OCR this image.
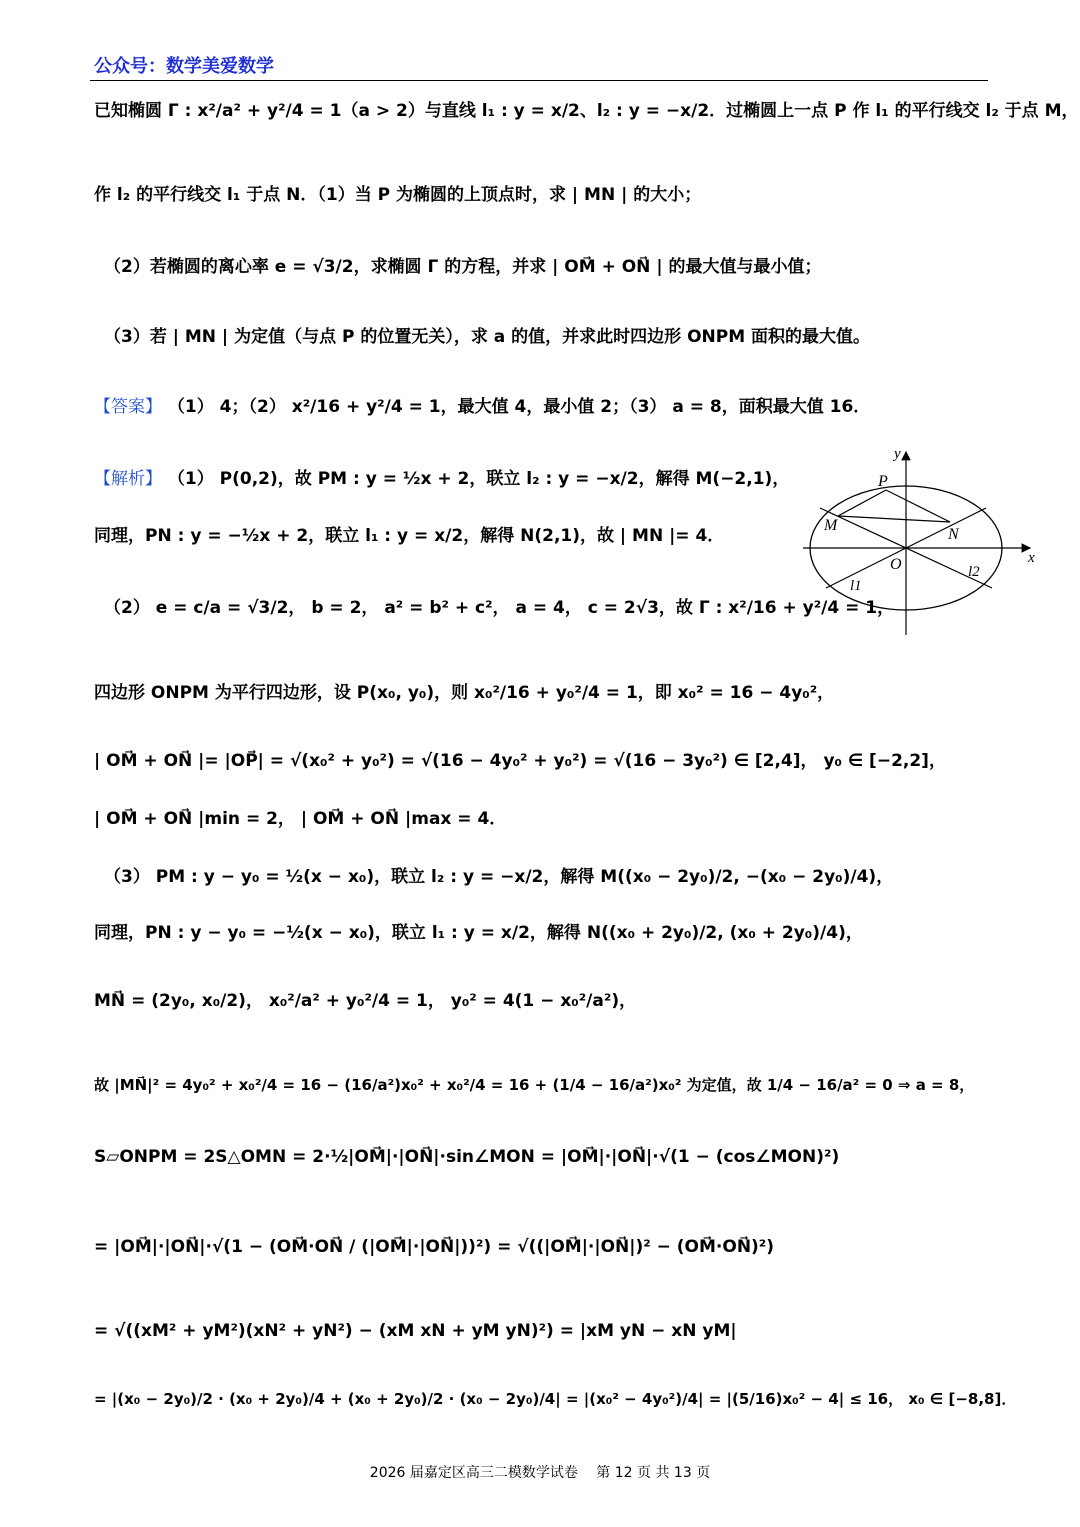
公众号：数学美爱数学
已知椭圆 Γ : x²/a² + y²/4 = 1（a > 2）与直线 l₁ : y = x/2、l₂ : y = −x/2．过椭圆上一点 P 作 l₁ 的平行线交 l₂ 于点 M，
作 l₂ 的平行线交 l₁ 于点 N．（1）当 P 为椭圆的上顶点时，求 | MN | 的大小；
（2）若椭圆的离心率 e = √3/2，求椭圆 Γ 的方程，并求 | OM⃗ + ON⃗ | 的最大值与最小值；
（3）若 | MN | 为定值（与点 P 的位置无关），求 a 的值，并求此时四边形 ONPM 面积的最大值。
【答案】 （1） 4；（2） x²/16 + y²/4 = 1，最大值 4，最小值 2；（3） a = 8，面积最大值 16．
【解析】 （1） P(0,2)，故 PM : y = ½x + 2，联立 l₂ : y = −x/2，解得 M(−2,1)，
同理，PN : y = −½x + 2，联立 l₁ : y = x/2，解得 N(2,1)，故 | MN |= 4．
（2） e = c/a = √3/2， b = 2， a² = b² + c²， a = 4， c = 2√3，故 Γ : x²/16 + y²/4 = 1，
四边形 ONPM 为平行四边形，设 P(x₀, y₀)，则 x₀²/16 + y₀²/4 = 1，即 x₀² = 16 − 4y₀²，
| OM⃗ + ON⃗ |= |OP⃗| = √(x₀² + y₀²) = √(16 − 4y₀² + y₀²) = √(16 − 3y₀²) ∈ [2,4]， y₀ ∈ [−2,2]，
| OM⃗ + ON⃗ |min = 2， | OM⃗ + ON⃗ |max = 4．
（3） PM : y − y₀ = ½(x − x₀)，联立 l₂ : y = −x/2，解得 M((x₀ − 2y₀)/2, −(x₀ − 2y₀)/4)，
同理，PN : y − y₀ = −½(x − x₀)，联立 l₁ : y = x/2，解得 N((x₀ + 2y₀)/2, (x₀ + 2y₀)/4)，
MN⃗ = (2y₀, x₀/2)， x₀²/a² + y₀²/4 = 1， y₀² = 4(1 − x₀²/a²)，
故 |MN⃗|² = 4y₀² + x₀²/4 = 16 − (16/a²)x₀² + x₀²/4 = 16 + (1/4 − 16/a²)x₀² 为定值，故 1/4 − 16/a² = 0 ⇒ a = 8，
S▱ONPM = 2S△OMN = 2·½|OM⃗|·|ON⃗|·sin∠MON = |OM⃗|·|ON⃗|·√(1 − (cos∠MON)²)
= |OM⃗|·|ON⃗|·√(1 − (OM⃗·ON⃗ / (|OM⃗|·|ON⃗|))²) = √((|OM⃗|·|ON⃗|)² − (OM⃗·ON⃗)²)
= √((xM² + yM²)(xN² + yN²) − (xM xN + yM yN)²) = |xM yN − xN yM|
= |(x₀ − 2y₀)/2 · (x₀ + 2y₀)/4 + (x₀ + 2y₀)/2 · (x₀ − 2y₀)/4| = |(x₀² − 4y₀²)/4| = |(5/16)x₀² − 4| ≤ 16， x₀ ∈ [−8,8]．
y
x
P
M
N
O
l1
l2
2026 届嘉定区高三二模数学试卷　 第 12 页 共 13 页
